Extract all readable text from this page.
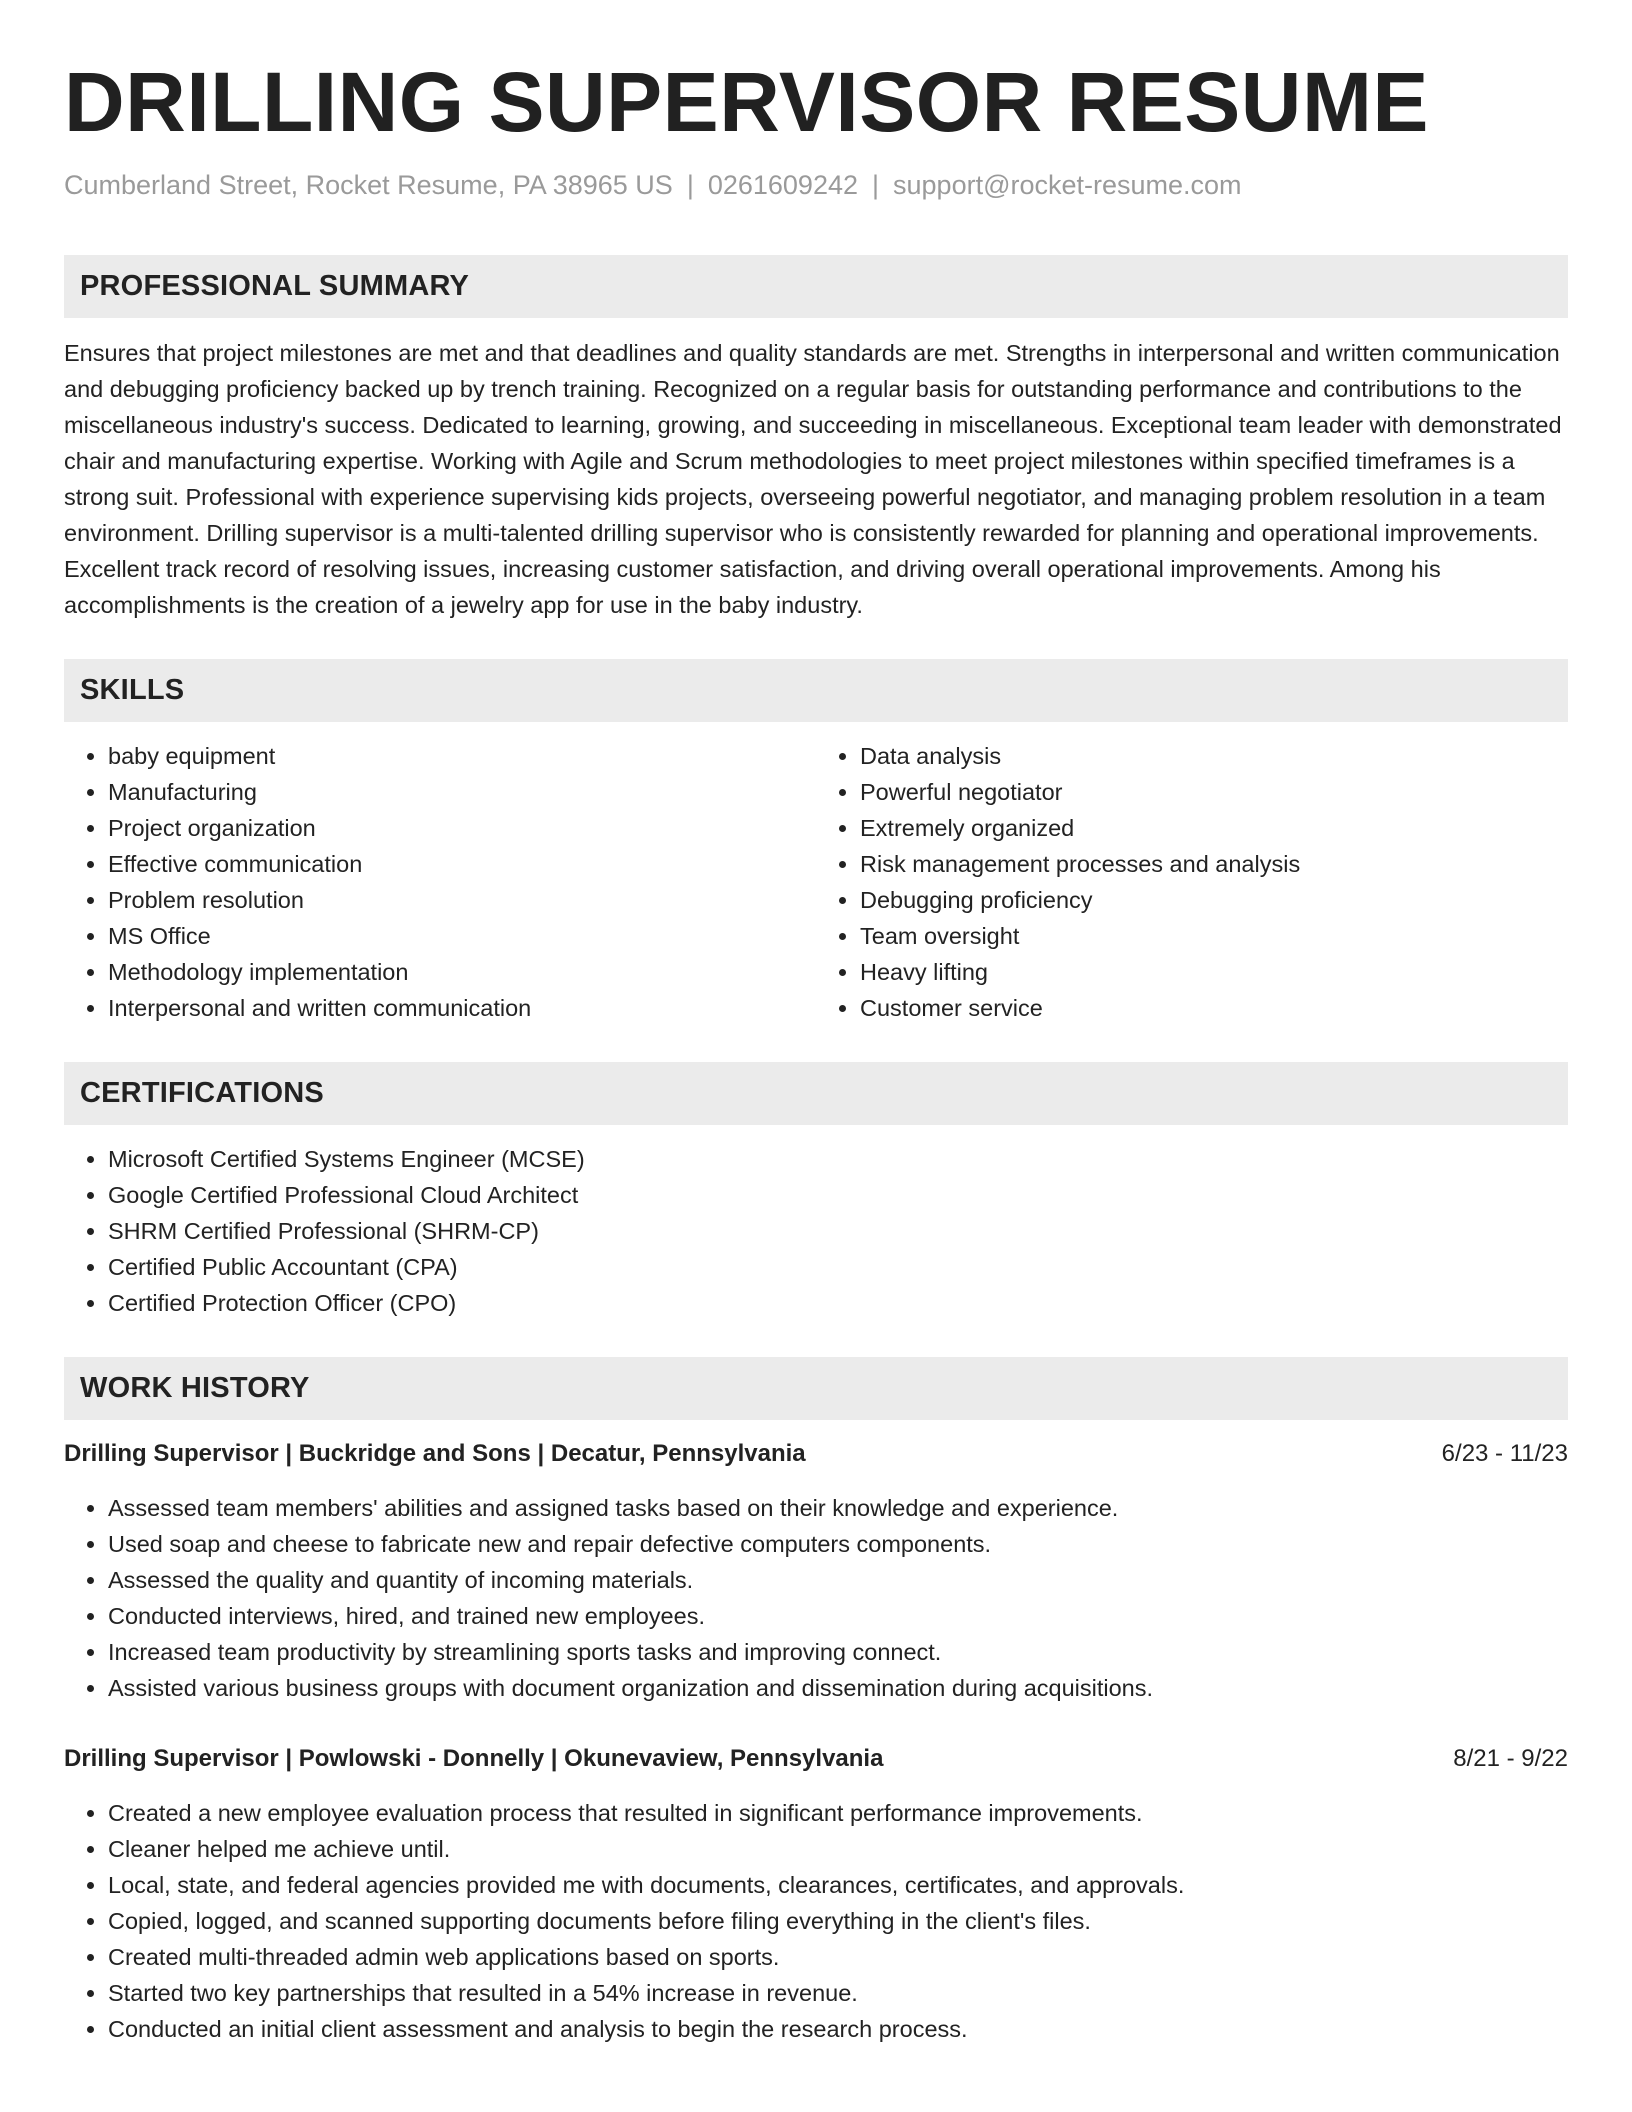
DRILLING SUPERVISOR RESUME
Cumberland Street, Rocket Resume, PA 38965 US | 0261609242 | support@rocket-resume.com
PROFESSIONAL SUMMARY

Ensures that project milestones are met and that deadlines and quality standards are met. Strengths in interpersonal and written communication and debugging proficiency backed up by trench training. Recognized on a regular basis for outstanding performance and contributions to the miscellaneous industry's success. Dedicated to learning, growing, and succeeding in miscellaneous. Exceptional team leader with demonstrated chair and manufacturing expertise. Working with Agile and Scrum methodologies to meet project milestones within specified timeframes is a strong suit. Professional with experience supervising kids projects, overseeing powerful negotiator, and managing problem resolution in a team environment. Drilling supervisor is a multi-talented drilling supervisor who is consistently rewarded for planning and operational improvements. Excellent track record of resolving issues, increasing customer satisfaction, and driving overall operational improvements. Among his accomplishments is the creation of a jewelry app for use in the baby industry.

SKILLS
• baby equipment
• Manufacturing
• Project organization
• Effective communication
• Problem resolution
• MS Office
• Methodology implementation
• Interpersonal and written communication
• Data analysis
• Powerful negotiator
• Extremely organized
• Risk management processes and analysis
• Debugging proficiency
• Team oversight
• Heavy lifting
• Customer service
CERTIFICATIONS
• Microsoft Certified Systems Engineer (MCSE)
• Google Certified Professional Cloud Architect
• SHRM Certified Professional (SHRM-CP)
• Certified Public Accountant (CPA)
• Certified Protection Officer (CPO)
WORK HISTORY
Drilling Supervisor | Buckridge and Sons | Decatur, Pennsylvania	6/23 - 11/23
• Assessed team members' abilities and assigned tasks based on their knowledge and experience.
• Used soap and cheese to fabricate new and repair defective computers components.
• Assessed the quality and quantity of incoming materials.
• Conducted interviews, hired, and trained new employees.
• Increased team productivity by streamlining sports tasks and improving connect.
• Assisted various business groups with document organization and dissemination during acquisitions.
Drilling Supervisor | Powlowski - Donnelly | Okunevaview, Pennsylvania	8/21 - 9/22
• Created a new employee evaluation process that resulted in significant performance improvements.
• Cleaner helped me achieve until.
• Local, state, and federal agencies provided me with documents, clearances, certificates, and approvals.
• Copied, logged, and scanned supporting documents before filing everything in the client's files.
• Created multi-threaded admin web applications based on sports.
• Started two key partnerships that resulted in a 54% increase in revenue.
• Conducted an initial client assessment and analysis to begin the research process.
